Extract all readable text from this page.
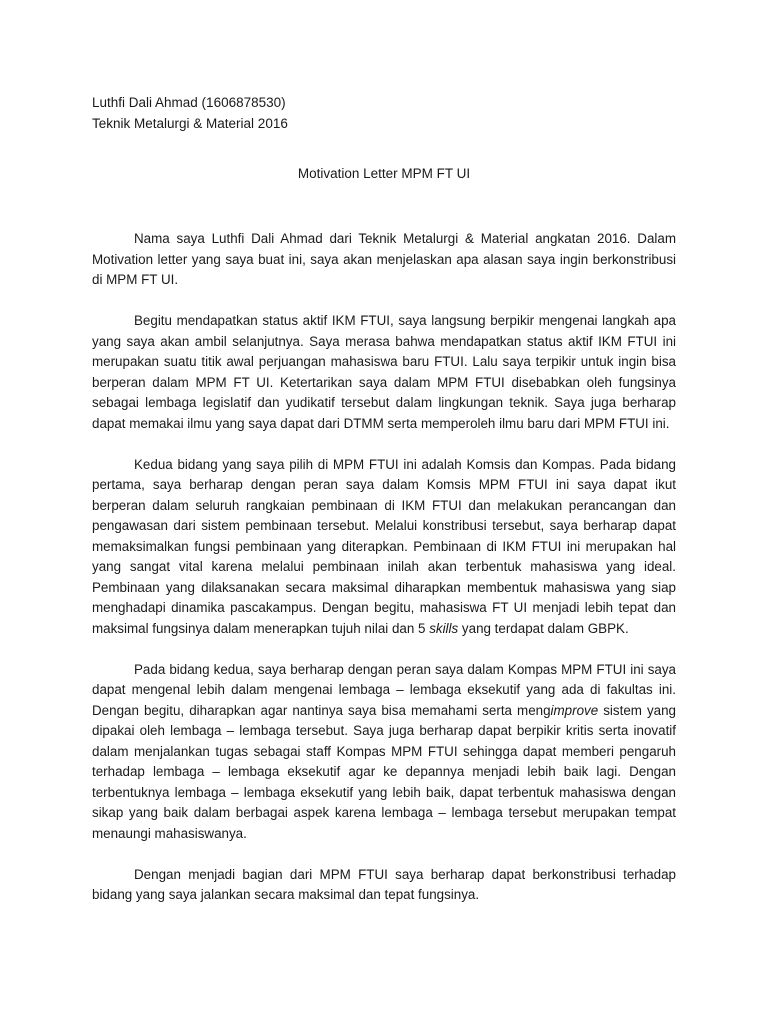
Luthfi Dali Ahmad (1606878530)
Teknik Metalurgi & Material 2016
Motivation Letter MPM FT UI

Nama saya Luthfi Dali Ahmad dari Teknik Metalurgi & Material angkatan 2016. Dalam Motivation letter yang saya buat ini, saya akan menjelaskan apa alasan saya ingin berkonstribusi di MPM FT UI.

Begitu mendapatkan status aktif IKM FTUI, saya langsung berpikir mengenai langkah apa yang saya akan ambil selanjutnya. Saya merasa bahwa mendapatkan status aktif IKM FTUI ini merupakan suatu titik awal perjuangan mahasiswa baru FTUI. Lalu saya terpikir untuk ingin bisa berperan dalam MPM FT UI. Ketertarikan saya dalam MPM FTUI disebabkan oleh fungsinya sebagai lembaga legislatif dan yudikatif tersebut dalam lingkungan teknik. Saya juga berharap dapat memakai ilmu yang saya dapat dari DTMM serta memperoleh ilmu baru dari MPM FTUI ini.

Kedua bidang yang saya pilih di MPM FTUI ini adalah Komsis dan Kompas. Pada bidang pertama, saya berharap dengan peran saya dalam Komsis MPM FTUI ini saya dapat ikut berperan dalam seluruh rangkaian pembinaan di IKM FTUI dan melakukan perancangan dan pengawasan dari sistem pembinaan tersebut. Melalui konstribusi tersebut, saya berharap dapat memaksimalkan fungsi pembinaan yang diterapkan. Pembinaan di IKM FTUI ini merupakan hal yang sangat vital karena melalui pembinaan inilah akan terbentuk mahasiswa yang ideal. Pembinaan yang dilaksanakan secara maksimal diharapkan membentuk mahasiswa yang siap menghadapi dinamika pascakampus. Dengan begitu, mahasiswa FT UI menjadi lebih tepat dan maksimal fungsinya dalam menerapkan tujuh nilai dan 5 skills yang terdapat dalam GBPK.

Pada bidang kedua, saya berharap dengan peran saya dalam Kompas MPM FTUI ini saya dapat mengenal lebih dalam mengenai lembaga – lembaga eksekutif yang ada di fakultas ini. Dengan begitu, diharapkan agar nantinya saya bisa memahami serta mengimprove sistem yang dipakai oleh lembaga – lembaga tersebut. Saya juga berharap dapat berpikir kritis serta inovatif dalam menjalankan tugas sebagai staff Kompas MPM FTUI sehingga dapat memberi pengaruh terhadap lembaga – lembaga eksekutif agar ke depannya menjadi lebih baik lagi. Dengan terbentuknya lembaga – lembaga eksekutif yang lebih baik, dapat terbentuk mahasiswa dengan sikap yang baik dalam berbagai aspek karena lembaga – lembaga tersebut merupakan tempat menaungi mahasiswanya.

Dengan menjadi bagian dari MPM FTUI saya berharap dapat berkonstribusi terhadap bidang yang saya jalankan secara maksimal dan tepat fungsinya.
